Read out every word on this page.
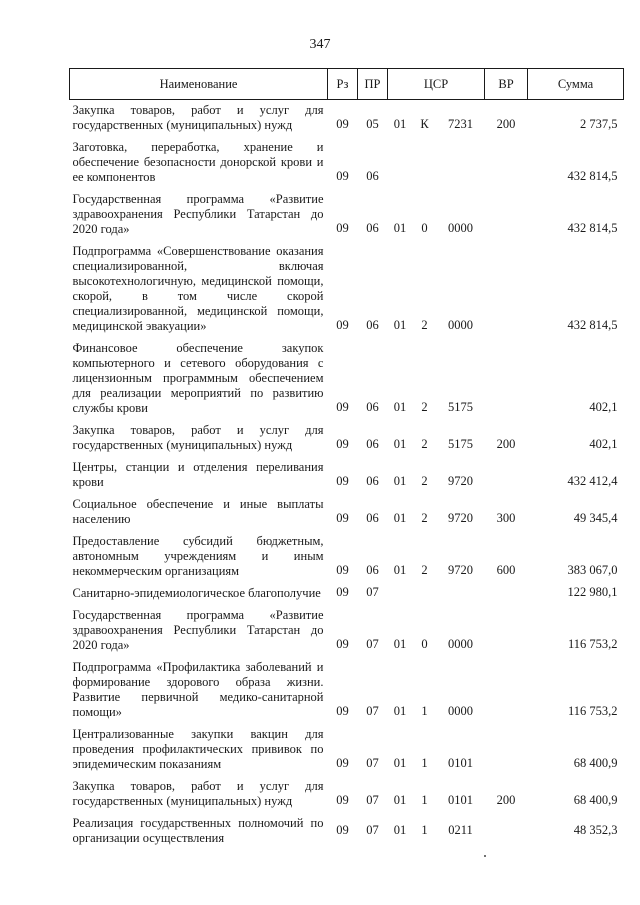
347
Наименование	Рз	ПР	ЦСР			ВР	Сумма
Закупка товаров, работ и услуг для государственных (муниципальных) нужд	09	05	01	К	7231	200	2 737,5
Заготовка, переработка, хранение и обеспечение безопасности донорской крови и ее компонентов	09	06					432 814,5
Государственная программа «Развитие здравоохранения Республики Татарстан до 2020 года»	09	06	01	0	0000		432 814,5
Подпрограмма «Совершенствование оказания специализированной, включая высокотехнологичную, медицинской помощи, скорой, в том числе скорой специализированной, медицинской помощи, медицинской эвакуации»	09	06	01	2	0000		432 814,5
Финансовое обеспечение закупок компьютерного и сетевого оборудования с лицензионным программным обеспечением для реализации мероприятий по развитию службы крови	09	06	01	2	5175		402,1
Закупка товаров, работ и услуг для государственных (муниципальных) нужд	09	06	01	2	5175	200	402,1
Центры, станции и отделения переливания крови	09	06	01	2	9720		432 412,4
Социальное обеспечение и иные выплаты населению	09	06	01	2	9720	300	49 345,4
Предоставление субсидий бюджетным, автономным учреждениям и иным некоммерческим организациям	09	06	01	2	9720	600	383 067,0
Санитарно-эпидемиологическое благополучие	09	07					122 980,1
Государственная программа «Развитие здравоохранения Республики Татарстан до 2020 года»	09	07	01	0	0000		116 753,2
Подпрограмма «Профилактика заболеваний и формирование здорового образа жизни. Развитие первичной медико-санитарной помощи»	09	07	01	1	0000		116 753,2
Централизованные закупки вакцин для проведения профилактических прививок по эпидемическим показаниям	09	07	01	1	0101		68 400,9
Закупка товаров, работ и услуг для государственных (муниципальных) нужд	09	07	01	1	0101	200	68 400,9

Реализация государственных полномочий по организации осуществления	09	07	01	1	0211		48 352,3
